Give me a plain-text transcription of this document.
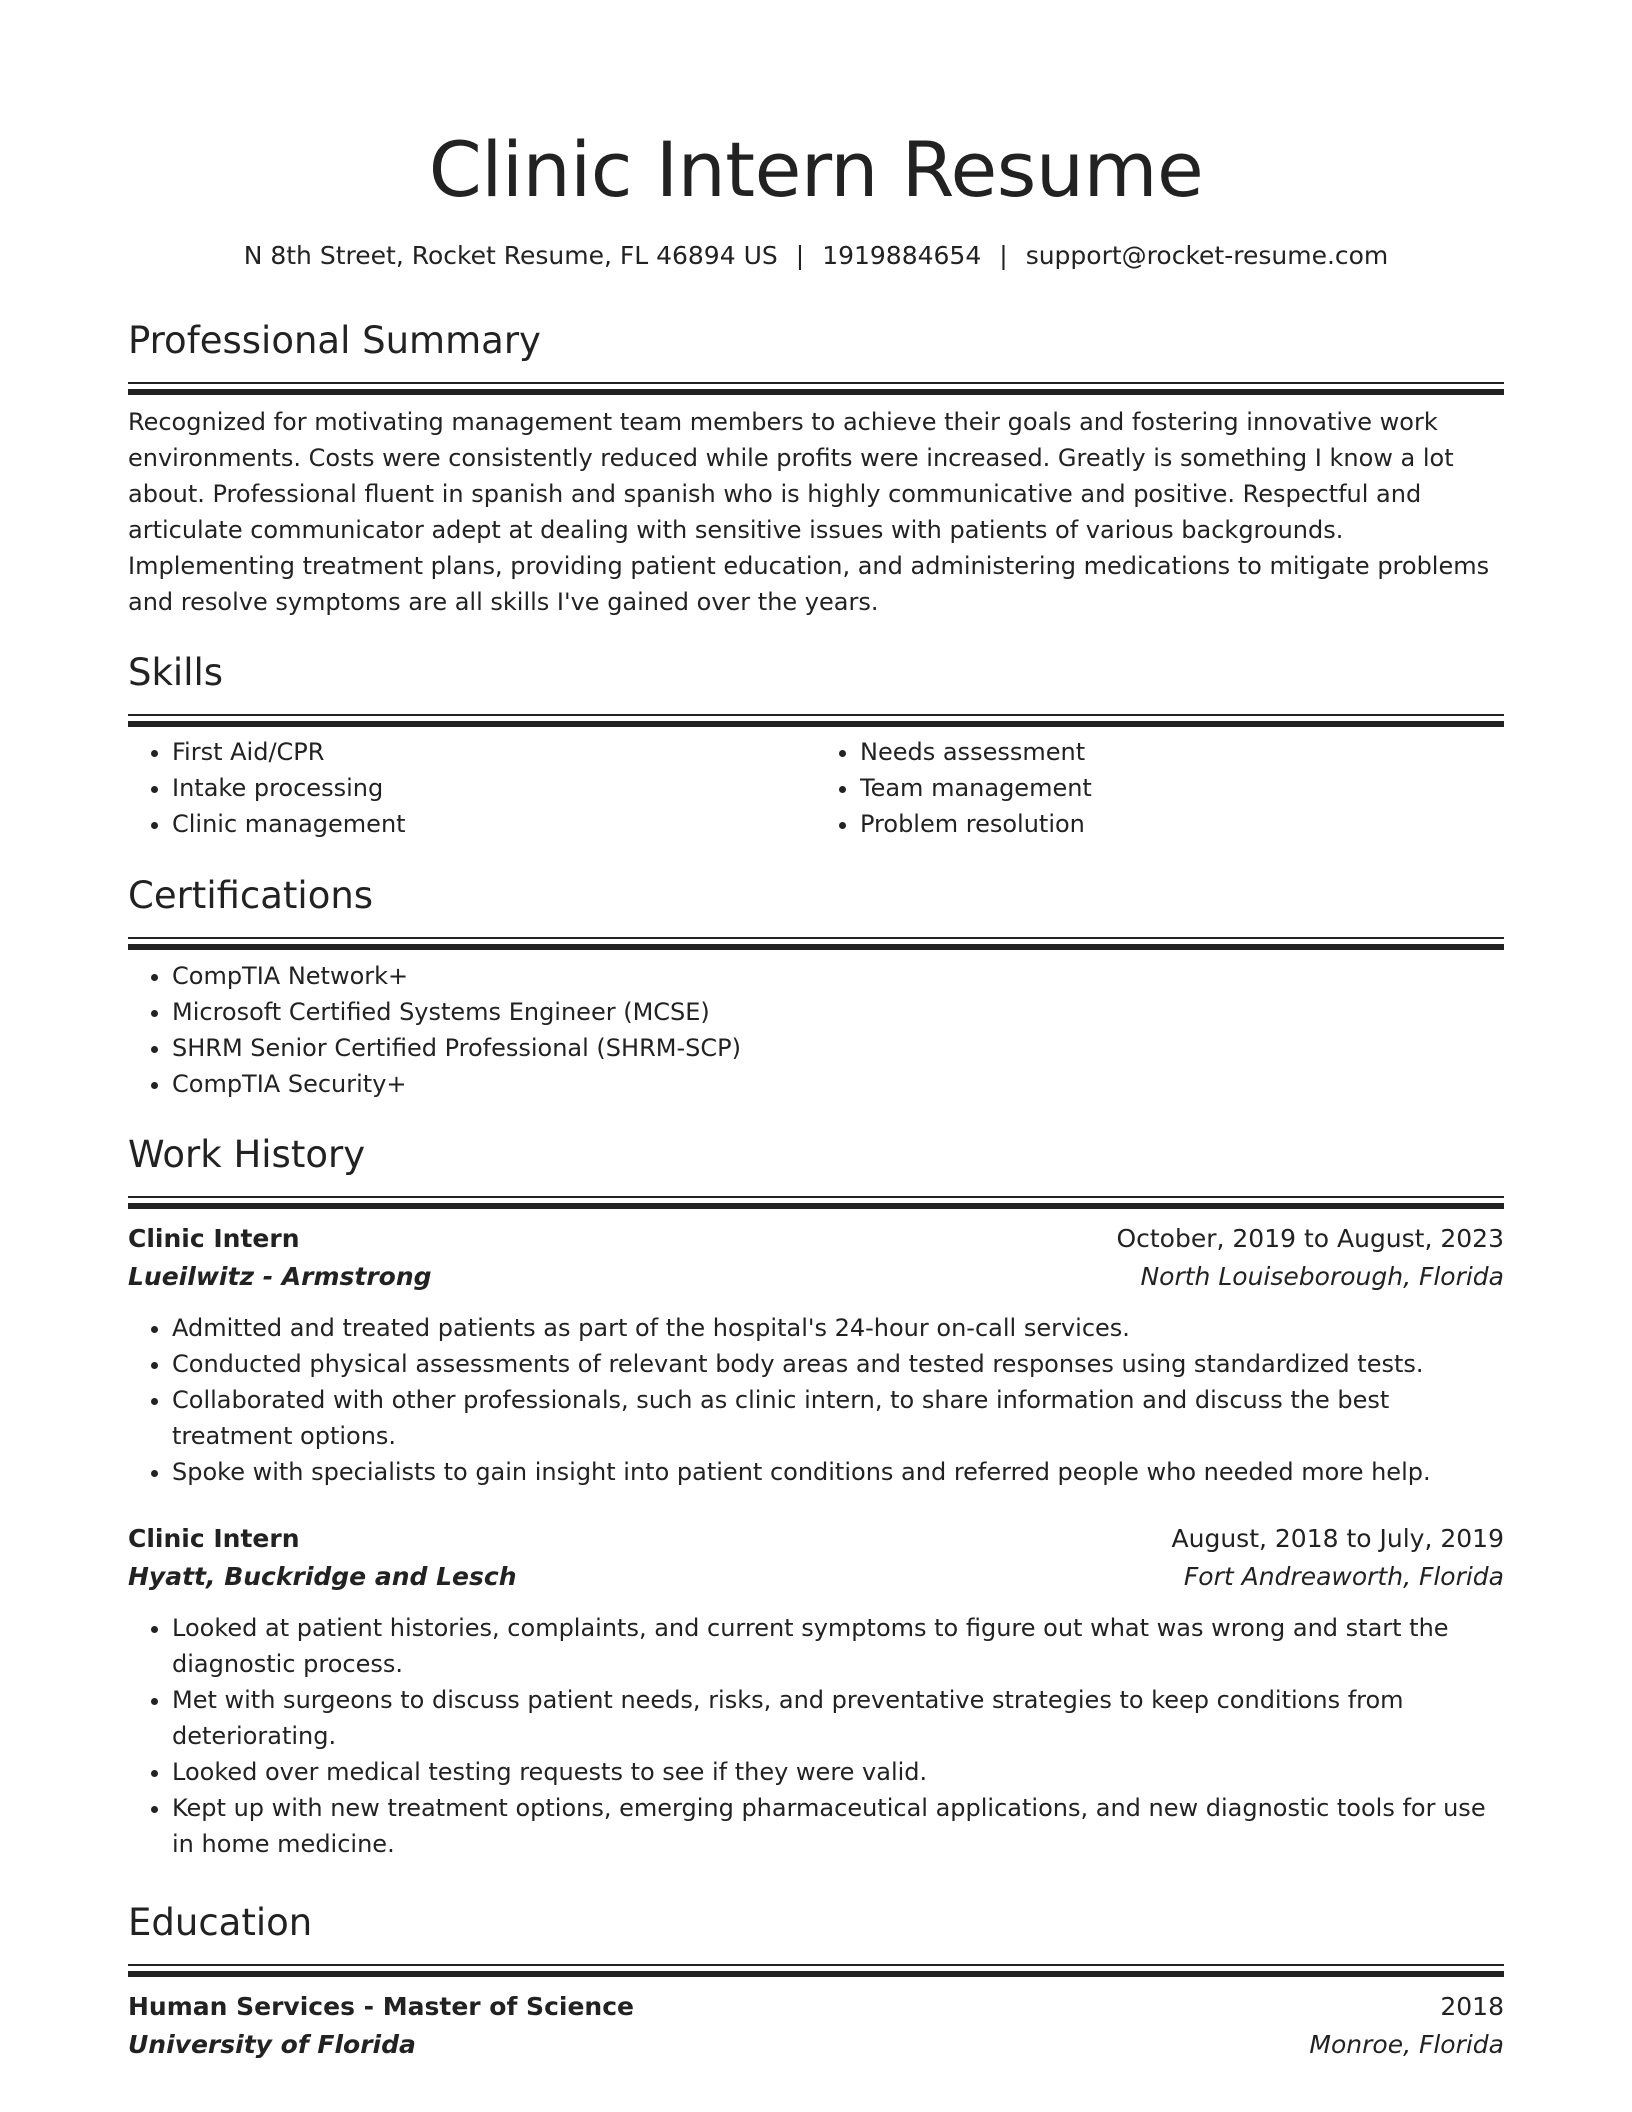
Clinic Intern Resume
N 8th Street, Rocket Resume, FL 46894 US | 1919884654 | support@rocket-resume.com
Professional Summary
Recognized for motivating management team members to achieve their goals and fostering innovative work environments. Costs were consistently reduced while profits were increased. Greatly is something I know a lot about. Professional fluent in spanish and spanish who is highly communicative and positive. Respectful and articulate communicator adept at dealing with sensitive issues with patients of various backgrounds. Implementing treatment plans, providing patient education, and administering medications to mitigate problems and resolve symptoms are all skills I've gained over the years.
Skills
• First Aid/CPR
• Intake processing
• Clinic management
• Needs assessment
• Team management
• Problem resolution
Certifications
• CompTIA Network+
• Microsoft Certified Systems Engineer (MCSE)
• SHRM Senior Certified Professional (SHRM-SCP)
• CompTIA Security+
Work History
Clinic Intern	October, 2019 to August, 2023
Lueilwitz - Armstrong	North Louiseborough, Florida
• Admitted and treated patients as part of the hospital's 24-hour on-call services.
• Conducted physical assessments of relevant body areas and tested responses using standardized tests.
• Collaborated with other professionals, such as clinic intern, to share information and discuss the best treatment options.
• Spoke with specialists to gain insight into patient conditions and referred people who needed more help.
Clinic Intern	August, 2018 to July, 2019
Hyatt, Buckridge and Lesch	Fort Andreaworth, Florida
• Looked at patient histories, complaints, and current symptoms to figure out what was wrong and start the diagnostic process.
• Met with surgeons to discuss patient needs, risks, and preventative strategies to keep conditions from deteriorating.
• Looked over medical testing requests to see if they were valid.
• Kept up with new treatment options, emerging pharmaceutical applications, and new diagnostic tools for use in home medicine.
Education
Human Services - Master of Science	2018
University of Florida	Monroe, Florida
